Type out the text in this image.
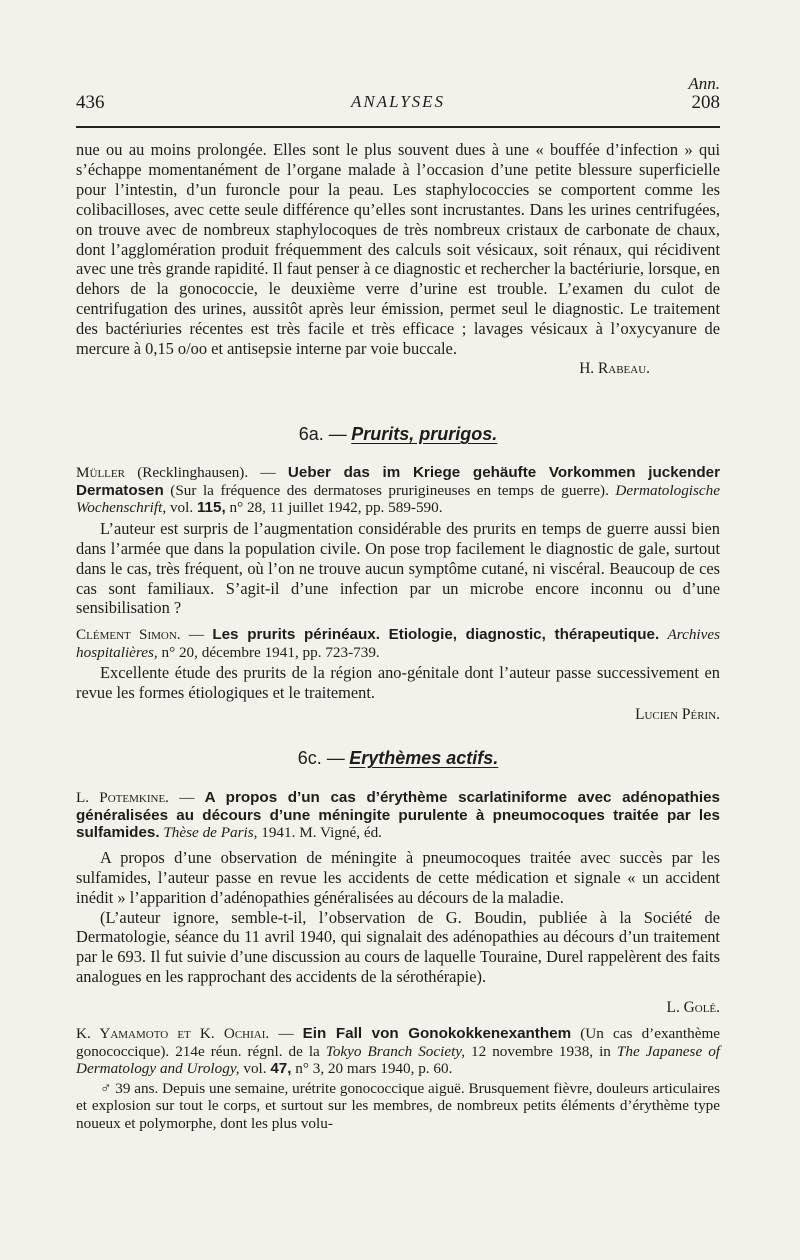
Ann.
436	ANALYSES	208

nue ou au moins prolongée. Elles sont le plus souvent dues à une « bouffée d’infection » qui s’échappe momentanément de l’organe malade à l’occasion d’une petite blessure superficielle pour l’intestin, d’un furoncle pour la peau. Les staphylococcies se comportent comme les colibacilloses, avec cette seule différence qu’elles sont incrustantes. Dans les urines centrifugées, on trouve avec de nombreux staphylocoques de très nombreux cristaux de carbonate de chaux, dont l’agglomération produit fréquemment des calculs soit vésicaux, soit rénaux, qui récidivent avec une très grande rapidité. Il faut penser à ce diagnostic et rechercher la bactériurie, lorsque, en dehors de la gonococcie, le deuxième verre d’urine est trouble. L’examen du culot de centrifugation des urines, aussitôt après leur émission, permet seul le diagnostic. Le traitement des bactériuries récentes est très facile et très efficace ; lavages vésicaux à l’oxycyanure de mercure à 0,15 o/oo et antisepsie interne par voie buccale.

H. Rabeau.

6a. — Prurits, prurigos.

Müller (Recklinghausen). — Ueber das im Kriege gehäufte Vorkommen juckender Dermatosen (Sur la fréquence des dermatoses prurigineuses en temps de guerre). Dermatologische Wochenschrift, vol. 115, n° 28, 11 juillet 1942, pp. 589-590.

L’auteur est surpris de l’augmentation considérable des prurits en temps de guerre aussi bien dans l’armée que dans la population civile. On pose trop facilement le diagnostic de gale, surtout dans le cas, très fréquent, où l’on ne trouve aucun symptôme cutané, ni viscéral. Beaucoup de ces cas sont familiaux. S’agit-il d’une infection par un microbe encore inconnu ou d’une sensibilisation ?

Clément Simon. — Les prurits périnéaux. Etiologie, diagnostic, thérapeutique. Archives hospitalières, n° 20, décembre 1941, pp. 723-739.

Excellente étude des prurits de la région ano-génitale dont l’auteur passe successivement en revue les formes étiologiques et le traitement.

Lucien Périn.

6c. — Erythèmes actifs.

L. Potemkine. — A propos d’un cas d’érythème scarlatiniforme avec adénopathies généralisées au décours d’une méningite purulente à pneumocoques traitée par les sulfamides. Thèse de Paris, 1941. M. Vigné, éd.

A propos d’une observation de méningite à pneumocoques traitée avec succès par les sulfamides, l’auteur passe en revue les accidents de cette médication et signale « un accident inédit » l’apparition d’adénopathies généralisées au décours de la maladie.

(L’auteur ignore, semble-t-il, l’observation de G. Boudin, publiée à la Société de Dermatologie, séance du 11 avril 1940, qui signalait des adénopathies au décours d’un traitement par le 693. Il fut suivie d’une discussion au cours de laquelle Touraine, Durel rappelèrent des faits analogues en les rapprochant des accidents de la sérothérapie).

L. Golé.

K. Yamamoto et K. Ochiai. — Ein Fall von Gonokokkenexanthem (Un cas d’exanthème gonococcique). 214e réun. régnl. de la Tokyo Branch Society, 12 novembre 1938, in The Japanese of Dermatology and Urology, vol. 47, n° 3, 20 mars 1940, p. 60.

♂ 39 ans. Depuis une semaine, urétrite gonococcique aiguë. Brusquement fièvre, douleurs articulaires et explosion sur tout le corps, et surtout sur les membres, de nombreux petits éléments d’érythème type noueux et polymorphe, dont les plus volu-
